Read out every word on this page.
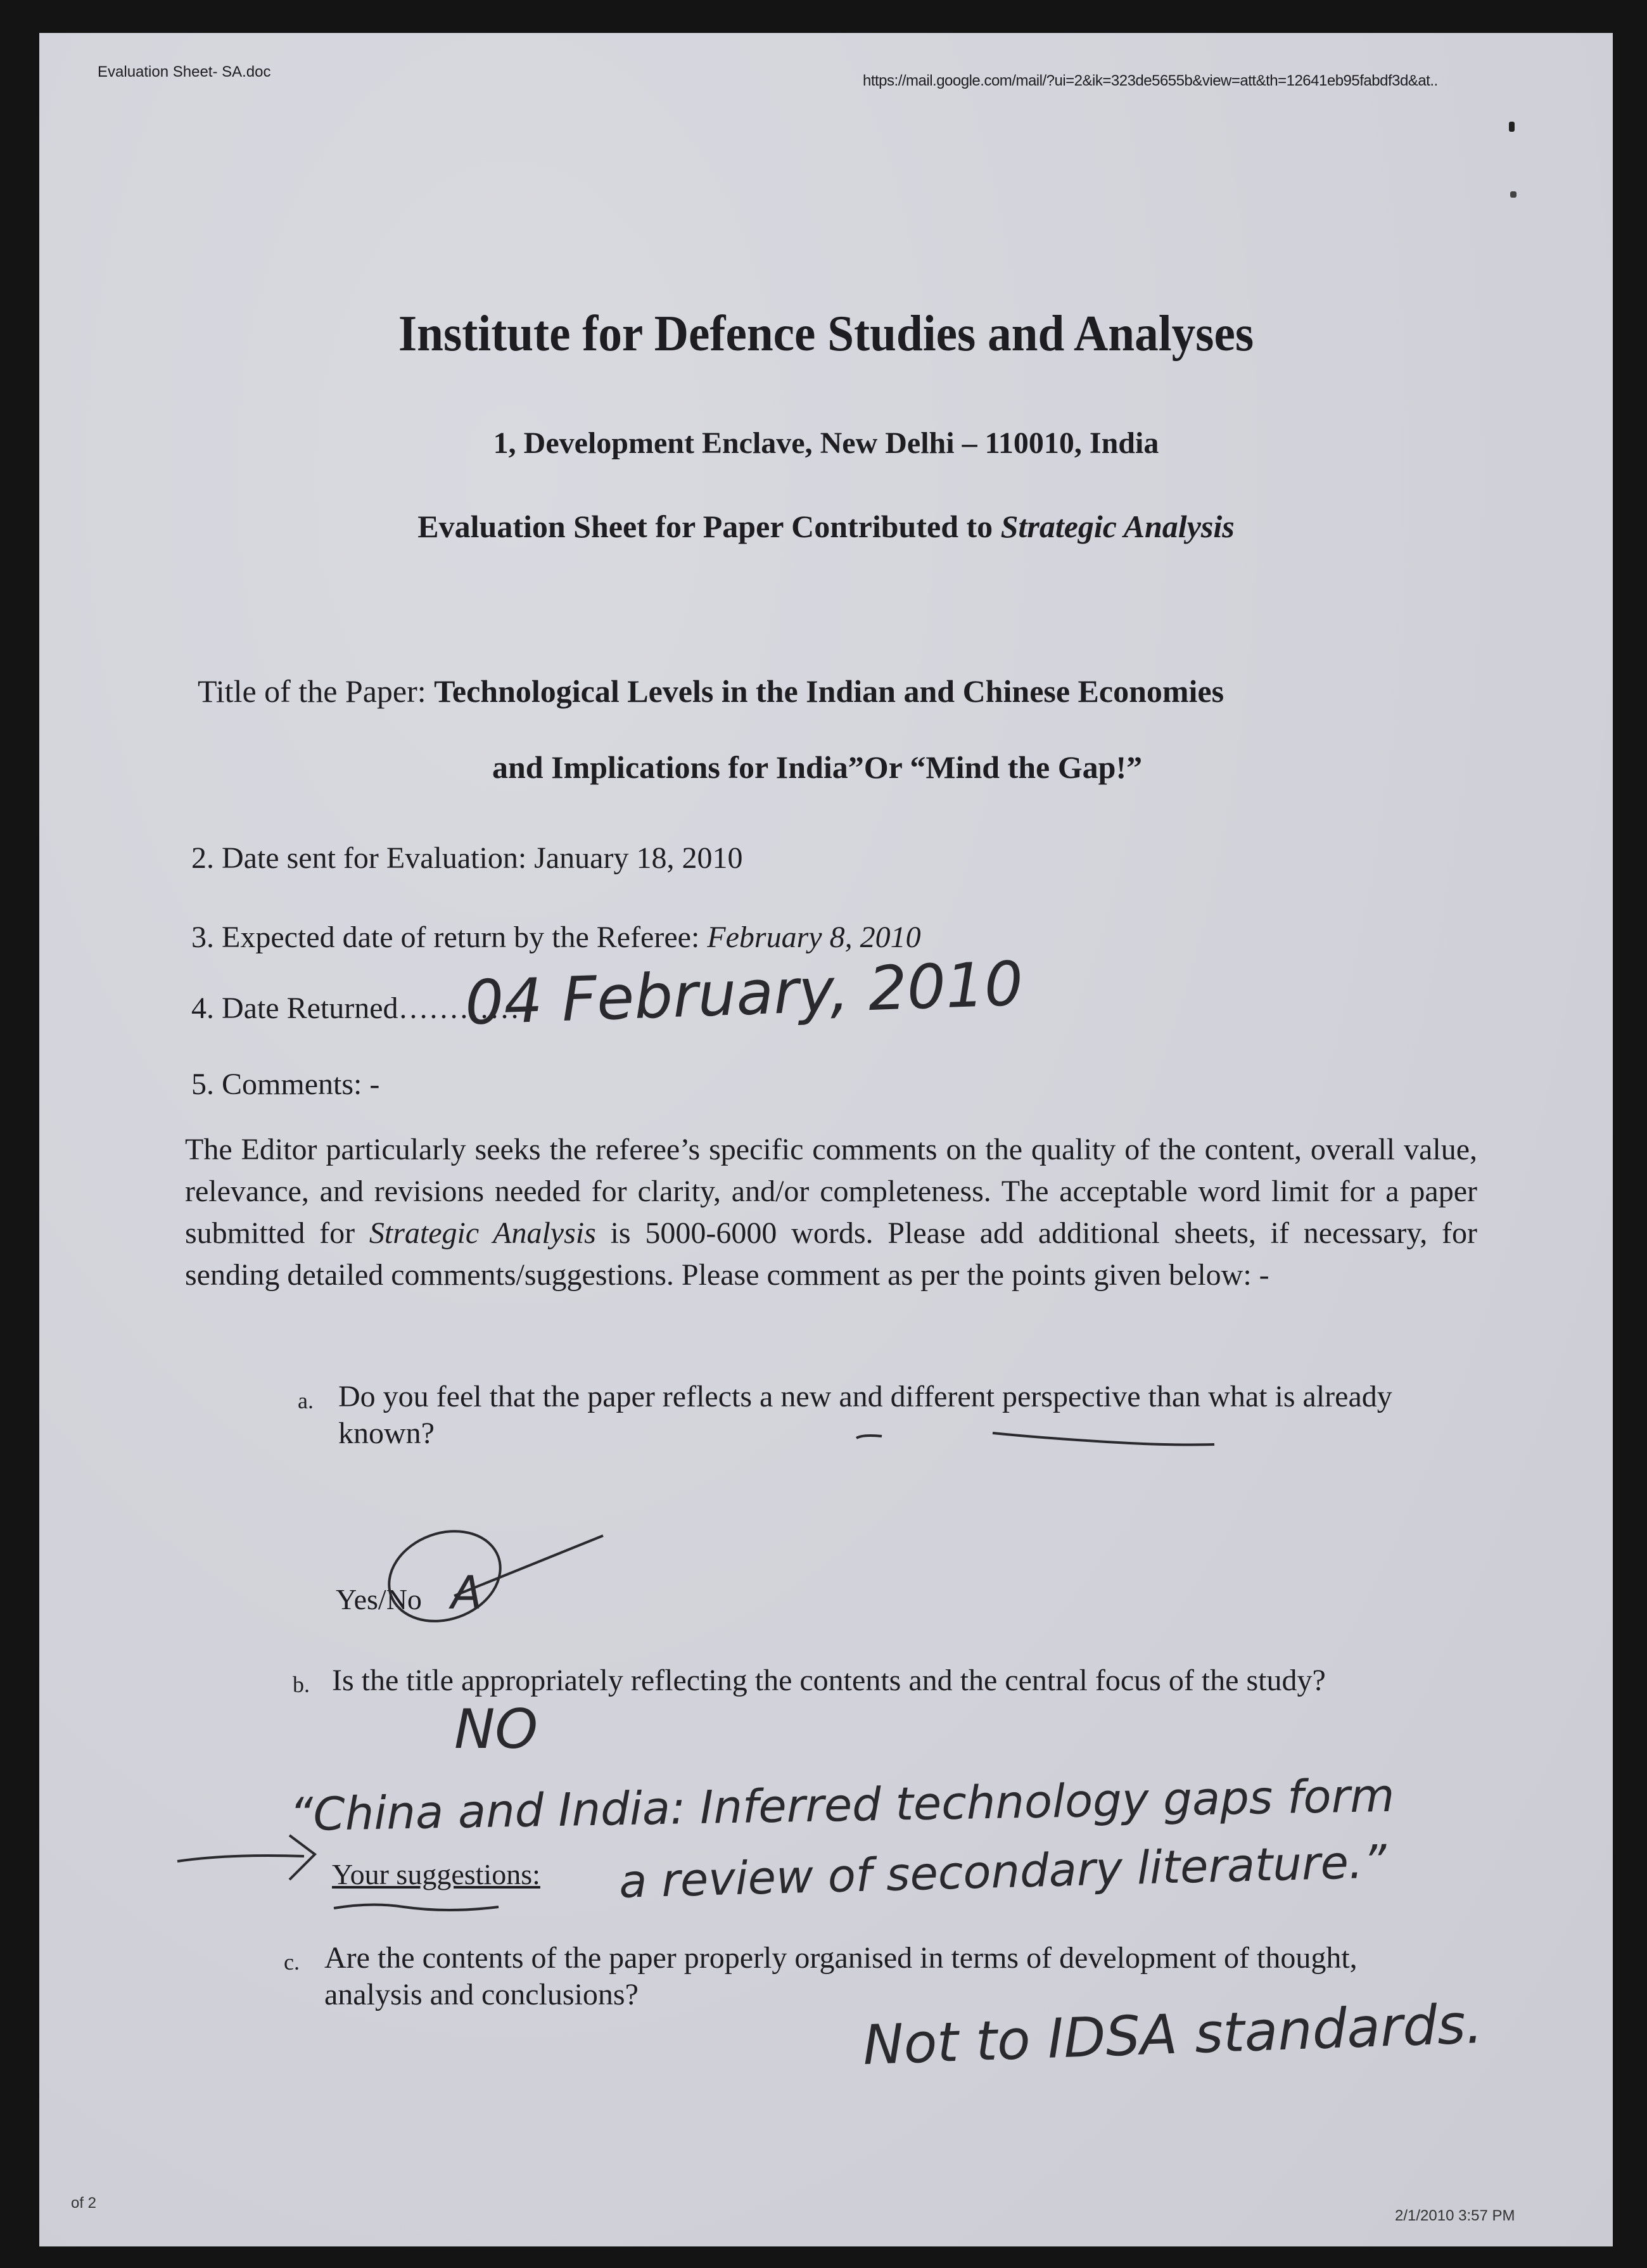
Evaluation Sheet- SA.doc
https://mail.google.com/mail/?ui=2&ik=323de5655b&view=att&th=12641eb95fabdf3d&at..
Institute for Defence Studies and Analyses
1, Development Enclave, New Delhi – 110010, India
Evaluation Sheet for Paper Contributed to Strategic Analysis
Title of the Paper: Technological Levels in the Indian and Chinese Economies
and Implications for India”Or “Mind the Gap!”
2. Date sent for Evaluation: January 18, 2010
3. Expected date of return by the Referee: February 8, 2010
4. Date Returned…………
04 February, 2010
5. Comments: -
The Editor particularly seeks the referee’s specific comments on the quality of the content, overall value, relevance, and revisions needed for clarity, and/or completeness. The acceptable word limit for a paper submitted for Strategic Analysis is 5000-6000 words. Please add additional sheets, if necessary, for sending detailed comments/suggestions. Please comment as per the points given below: -
a. Do you feel that the paper reflects a new and different perspective than what is already known?
Yes/No A
b. Is the title appropriately reflecting the contents and the central focus of the study?
NO
“China and India: Inferred technology gaps form
Your suggestions: a review of secondary literature.”
c. Are the contents of the paper properly organised in terms of development of thought, analysis and conclusions?	Not to IDSA standards.
of 2
2/1/2010 3:57 PM
